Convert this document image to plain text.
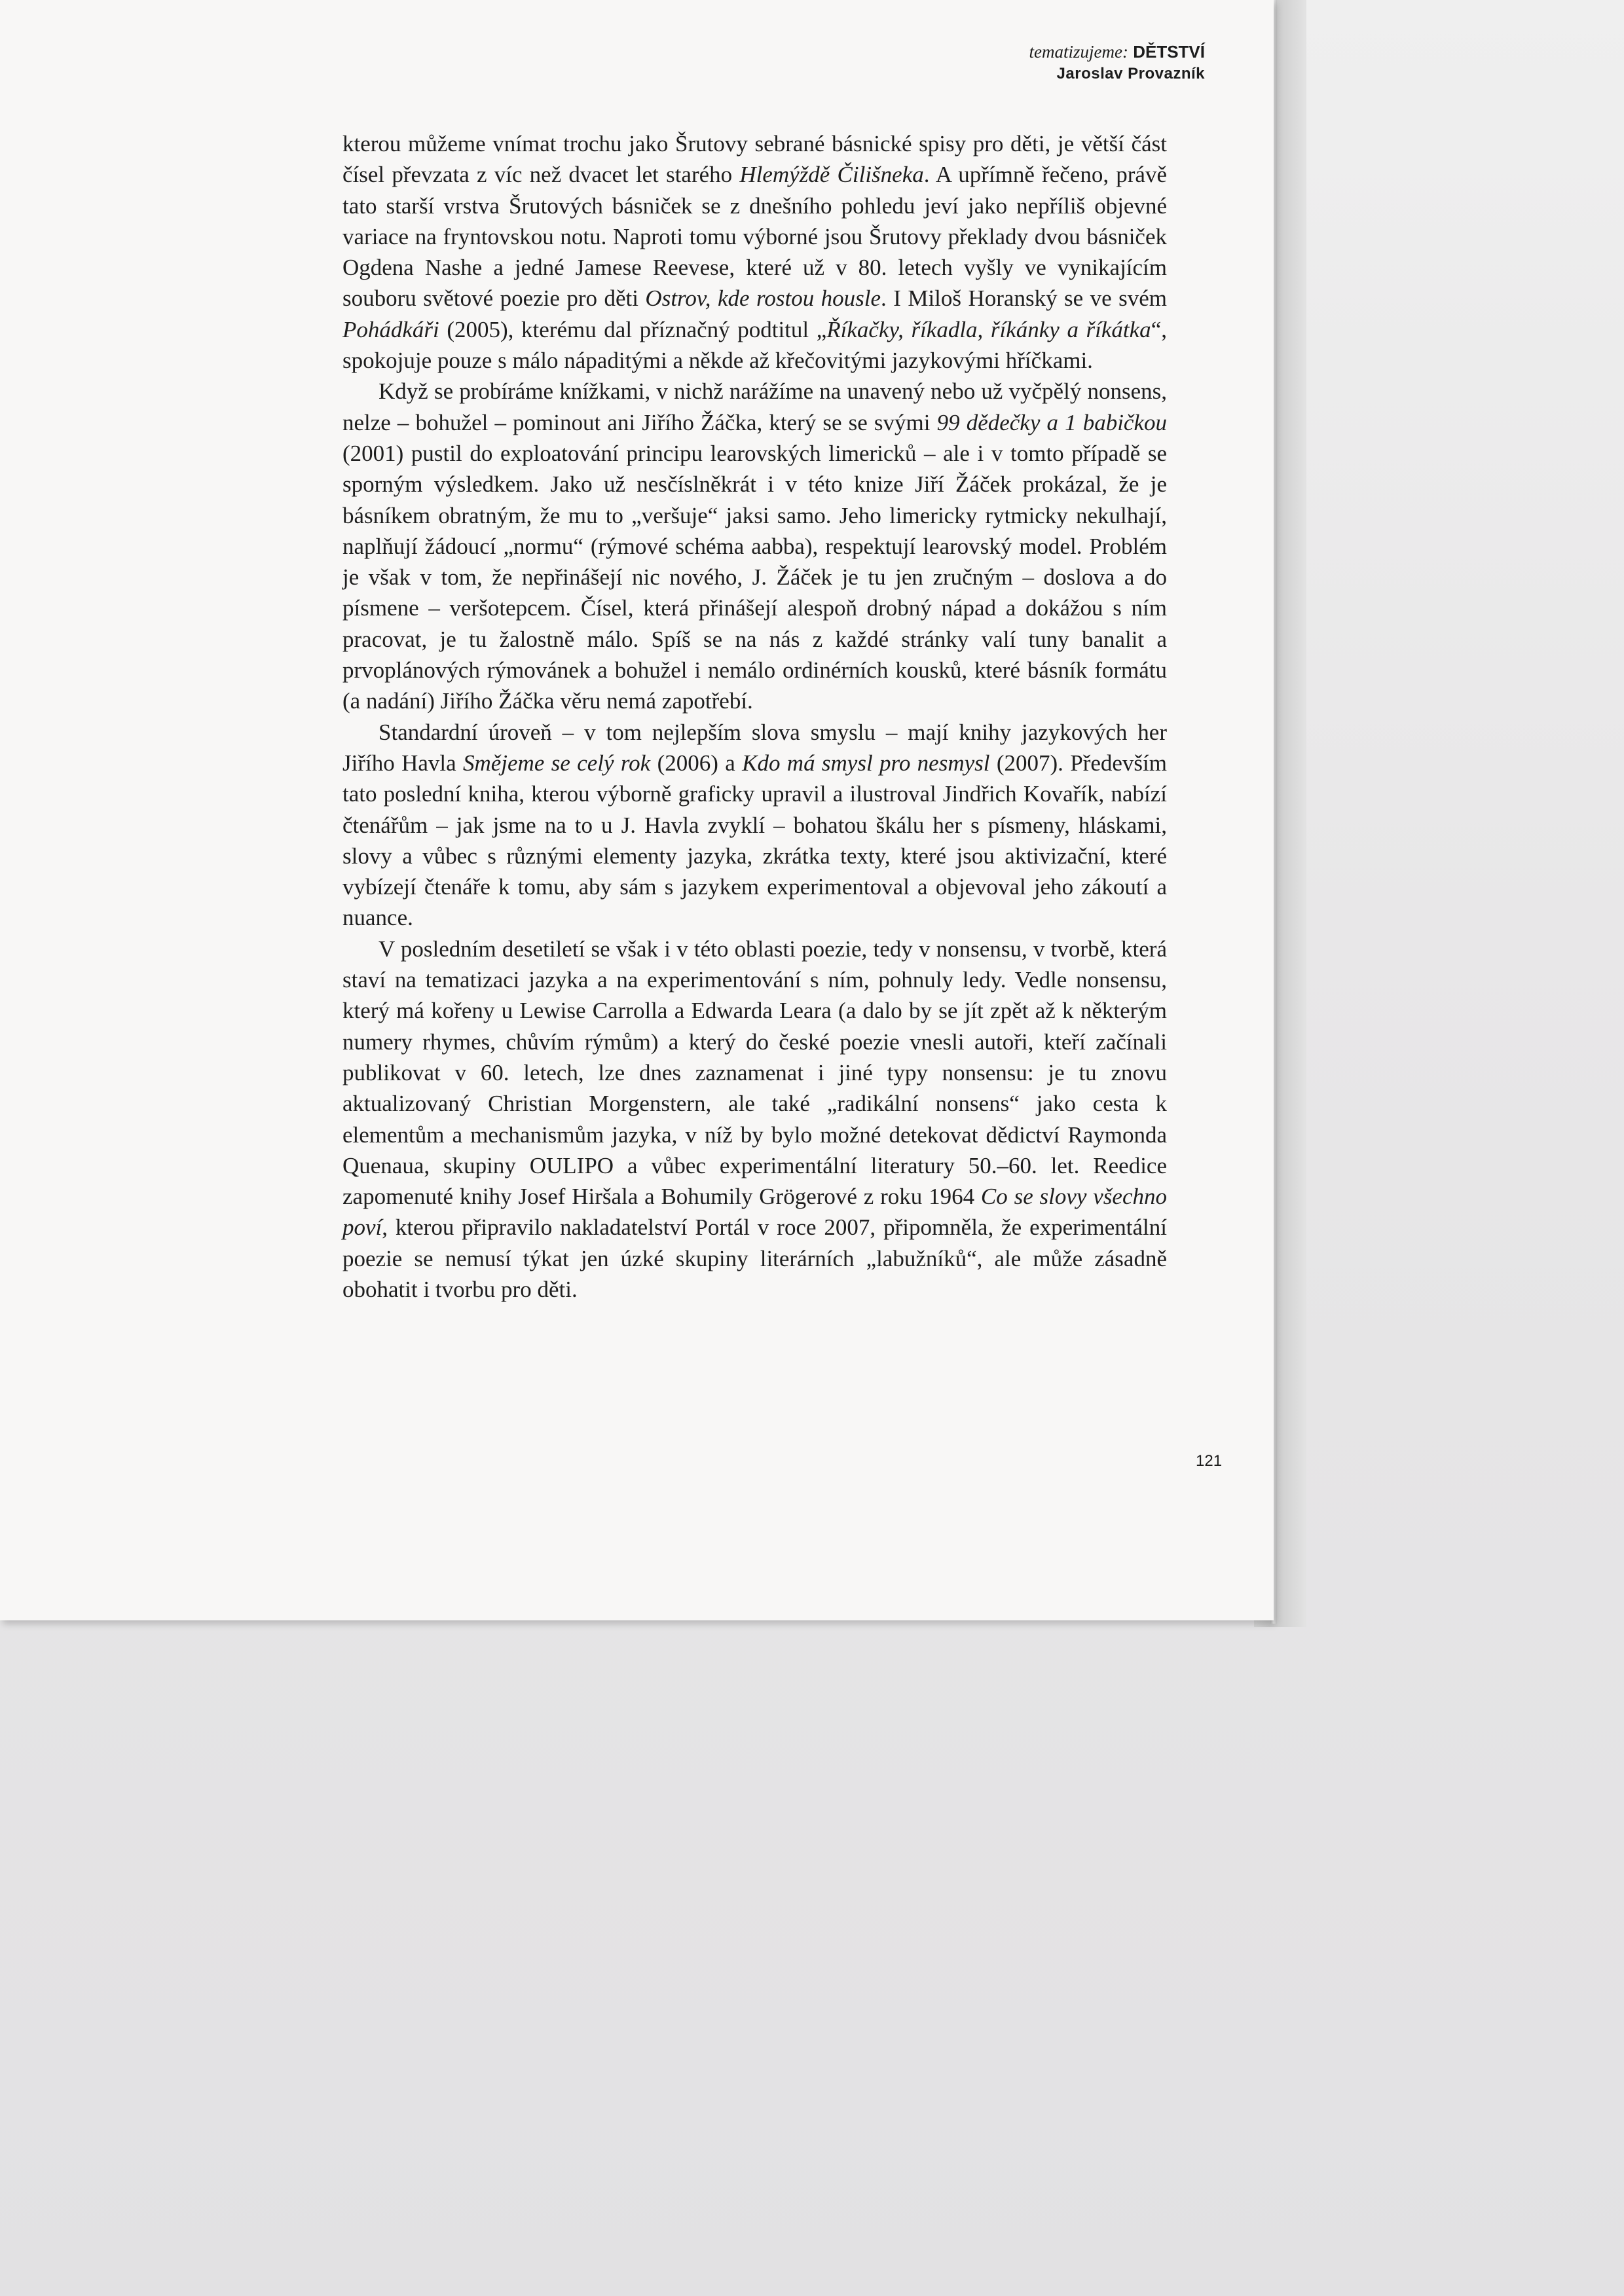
tematizujeme: DĚTSTVÍ
Jaroslav Provazník

kterou můžeme vnímat trochu jako Šrutovy sebrané básnické spisy pro děti, je větší část čísel převzata z víc než dvacet let starého Hlemýždě Čilišneka. A upřímně řečeno, právě tato starší vrstva Šrutových básniček se z dnešního pohledu jeví jako nepříliš objevné variace na fryntovskou notu. Naproti tomu výborné jsou Šrutovy překlady dvou básniček Ogdena Nashe a jedné Jamese Reevese, které už v 80. letech vyšly ve vynikajícím souboru světové poezie pro děti Ostrov, kde rostou housle. I Miloš Horanský se ve svém Pohádkáři (2005), kterému dal příznačný podtitul „Říkačky, říkadla, říkánky a říkátka“, spokojuje pouze s málo nápaditými a někde až křečovitými jazykovými hříčkami.

Když se probíráme knížkami, v nichž narážíme na unavený nebo už vyčpělý nonsens, nelze – bohužel – pominout ani Jiřího Žáčka, který se se svými 99 dědečky a 1 babičkou (2001) pustil do exploatování principu learovských limericků – ale i v tomto případě se sporným výsledkem. Jako už nesčíslněkrát i v této knize Jiří Žáček prokázal, že je básníkem obratným, že mu to „veršuje“ jaksi samo. Jeho limericky rytmicky nekulhají, naplňují žádoucí „normu“ (rýmové schéma aabba), respektují learovský model. Problém je však v tom, že nepřinášejí nic nového, J. Žáček je tu jen zručným – doslova a do písmene – veršotepcem. Čísel, která přinášejí alespoň drobný nápad a dokážou s ním pracovat, je tu žalostně málo. Spíš se na nás z každé stránky valí tuny banalit a prvoplánových rýmovánek a bohužel i nemálo ordinérních kousků, které básník formátu (a nadání) Jiřího Žáčka věru nemá zapotřebí.

Standardní úroveň – v tom nejlepším slova smyslu – mají knihy jazykových her Jiřího Havla Smějeme se celý rok (2006) a Kdo má smysl pro nesmysl (2007). Především tato poslední kniha, kterou výborně graficky upravil a ilustroval Jindřich Kovařík, nabízí čtenářům – jak jsme na to u J. Havla zvyklí – bohatou škálu her s písmeny, hláskami, slovy a vůbec s různými elementy jazyka, zkrátka texty, které jsou aktivizační, které vybízejí čtenáře k tomu, aby sám s jazykem experimentoval a objevoval jeho zákoutí a nuance.

V posledním desetiletí se však i v této oblasti poezie, tedy v nonsensu, v tvorbě, která staví na tematizaci jazyka a na experimentování s ním, pohnuly ledy. Vedle nonsensu, který má kořeny u Lewise Carrolla a Edwarda Leara (a dalo by se jít zpět až k některým numery rhymes, chůvím rýmům) a který do české poezie vnesli autoři, kteří začínali publikovat v 60. letech, lze dnes zaznamenat i jiné typy nonsensu: je tu znovu aktualizovaný Christian Morgenstern, ale také „radikální nonsens“ jako cesta k elementům a mechanismům jazyka, v níž by bylo možné detekovat dědictví Raymonda Quenauа, skupiny OULIPO a vůbec experimentální literatury 50.–60. let. Reedice zapomenuté knihy Josef Hiršala a Bohumily Grögerové z roku 1964 Co se slovy všechno poví, kterou připravilo nakladatelství Portál v roce 2007, připomněla, že experimentální poezie se nemusí týkat jen úzké skupiny literárních „labužníků“, ale může zásadně obohatit i tvorbu pro děti.

121
